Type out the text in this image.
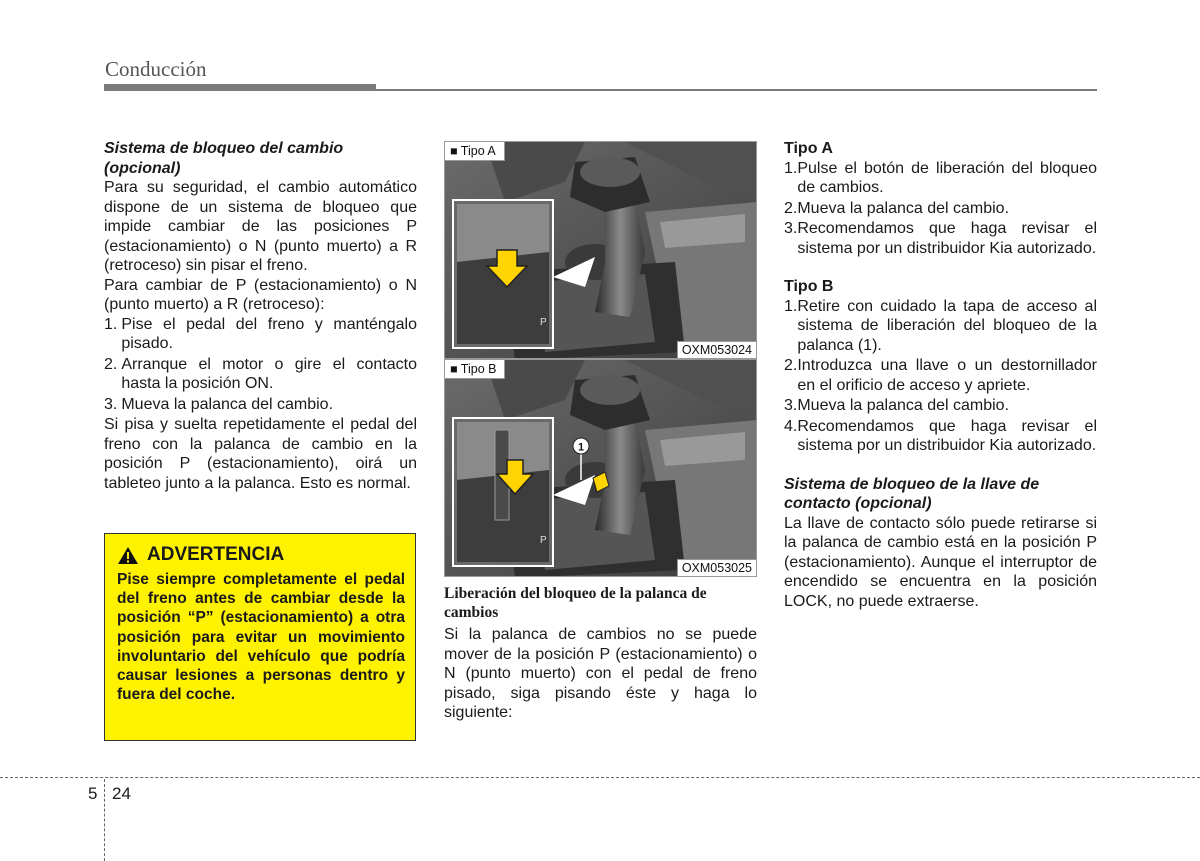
Conducción

Sistema de bloqueo del cambio (opcional)

Para su seguridad, el cambio automático dispone de un sistema de bloqueo que impide cambiar de las posiciones P (estacionamiento) o N (punto muerto) a R (retroceso) sin pisar el freno.

Para cambiar de P (estacionamiento) o N (punto muerto) a R (retroceso):

1. Pise el pedal del freno y manténgalo pisado.
2. Arranque el motor o gire el contacto hasta la posición ON.
3. Mueva la palanca del cambio.

Si pisa y suelta repetidamente el pedal del freno con la palanca de cambio en la posición P (estacionamiento), oirá un tableteo junto a la palanca. Esto es normal.

ADVERTENCIA
Pise siempre completamente el pedal del freno antes de cambiar desde la posición “P” (estacionamiento) a otra posición para evitar un movimiento involuntario del vehículo que podría causar lesiones a personas dentro y fuera del coche.
P
■ Tipo A
OXM053024
1
P
■ Tipo B
OXM053025
Liberación del bloqueo de la palanca de cambios

Si la palanca de cambios no se puede mover de la posición P (estacionamiento) o N (punto muerto) con el pedal de freno pisado, siga pisando éste y haga lo siguiente:

Tipo A

1. Pulse el botón de liberación del bloqueo de cambios.
2. Mueva la palanca del cambio.
3. Recomendamos que haga revisar el sistema por un distribuidor Kia autorizado.

Tipo B

1. Retire con cuidado la tapa de acceso al sistema de liberación del bloqueo de la palanca (1).
2. Introduzca una llave o un destornillador en el orificio de acceso y apriete.
3. Mueva la palanca del cambio.
4. Recomendamos que haga revisar el sistema por un distribuidor Kia autorizado.

Sistema de bloqueo de la llave de contacto (opcional)

La llave de contacto sólo puede retirarse si la palanca de cambio está en la posición P (estacionamiento). Aunque el interruptor de encendido se encuentra en la posición LOCK, no puede extraerse.

5 24
